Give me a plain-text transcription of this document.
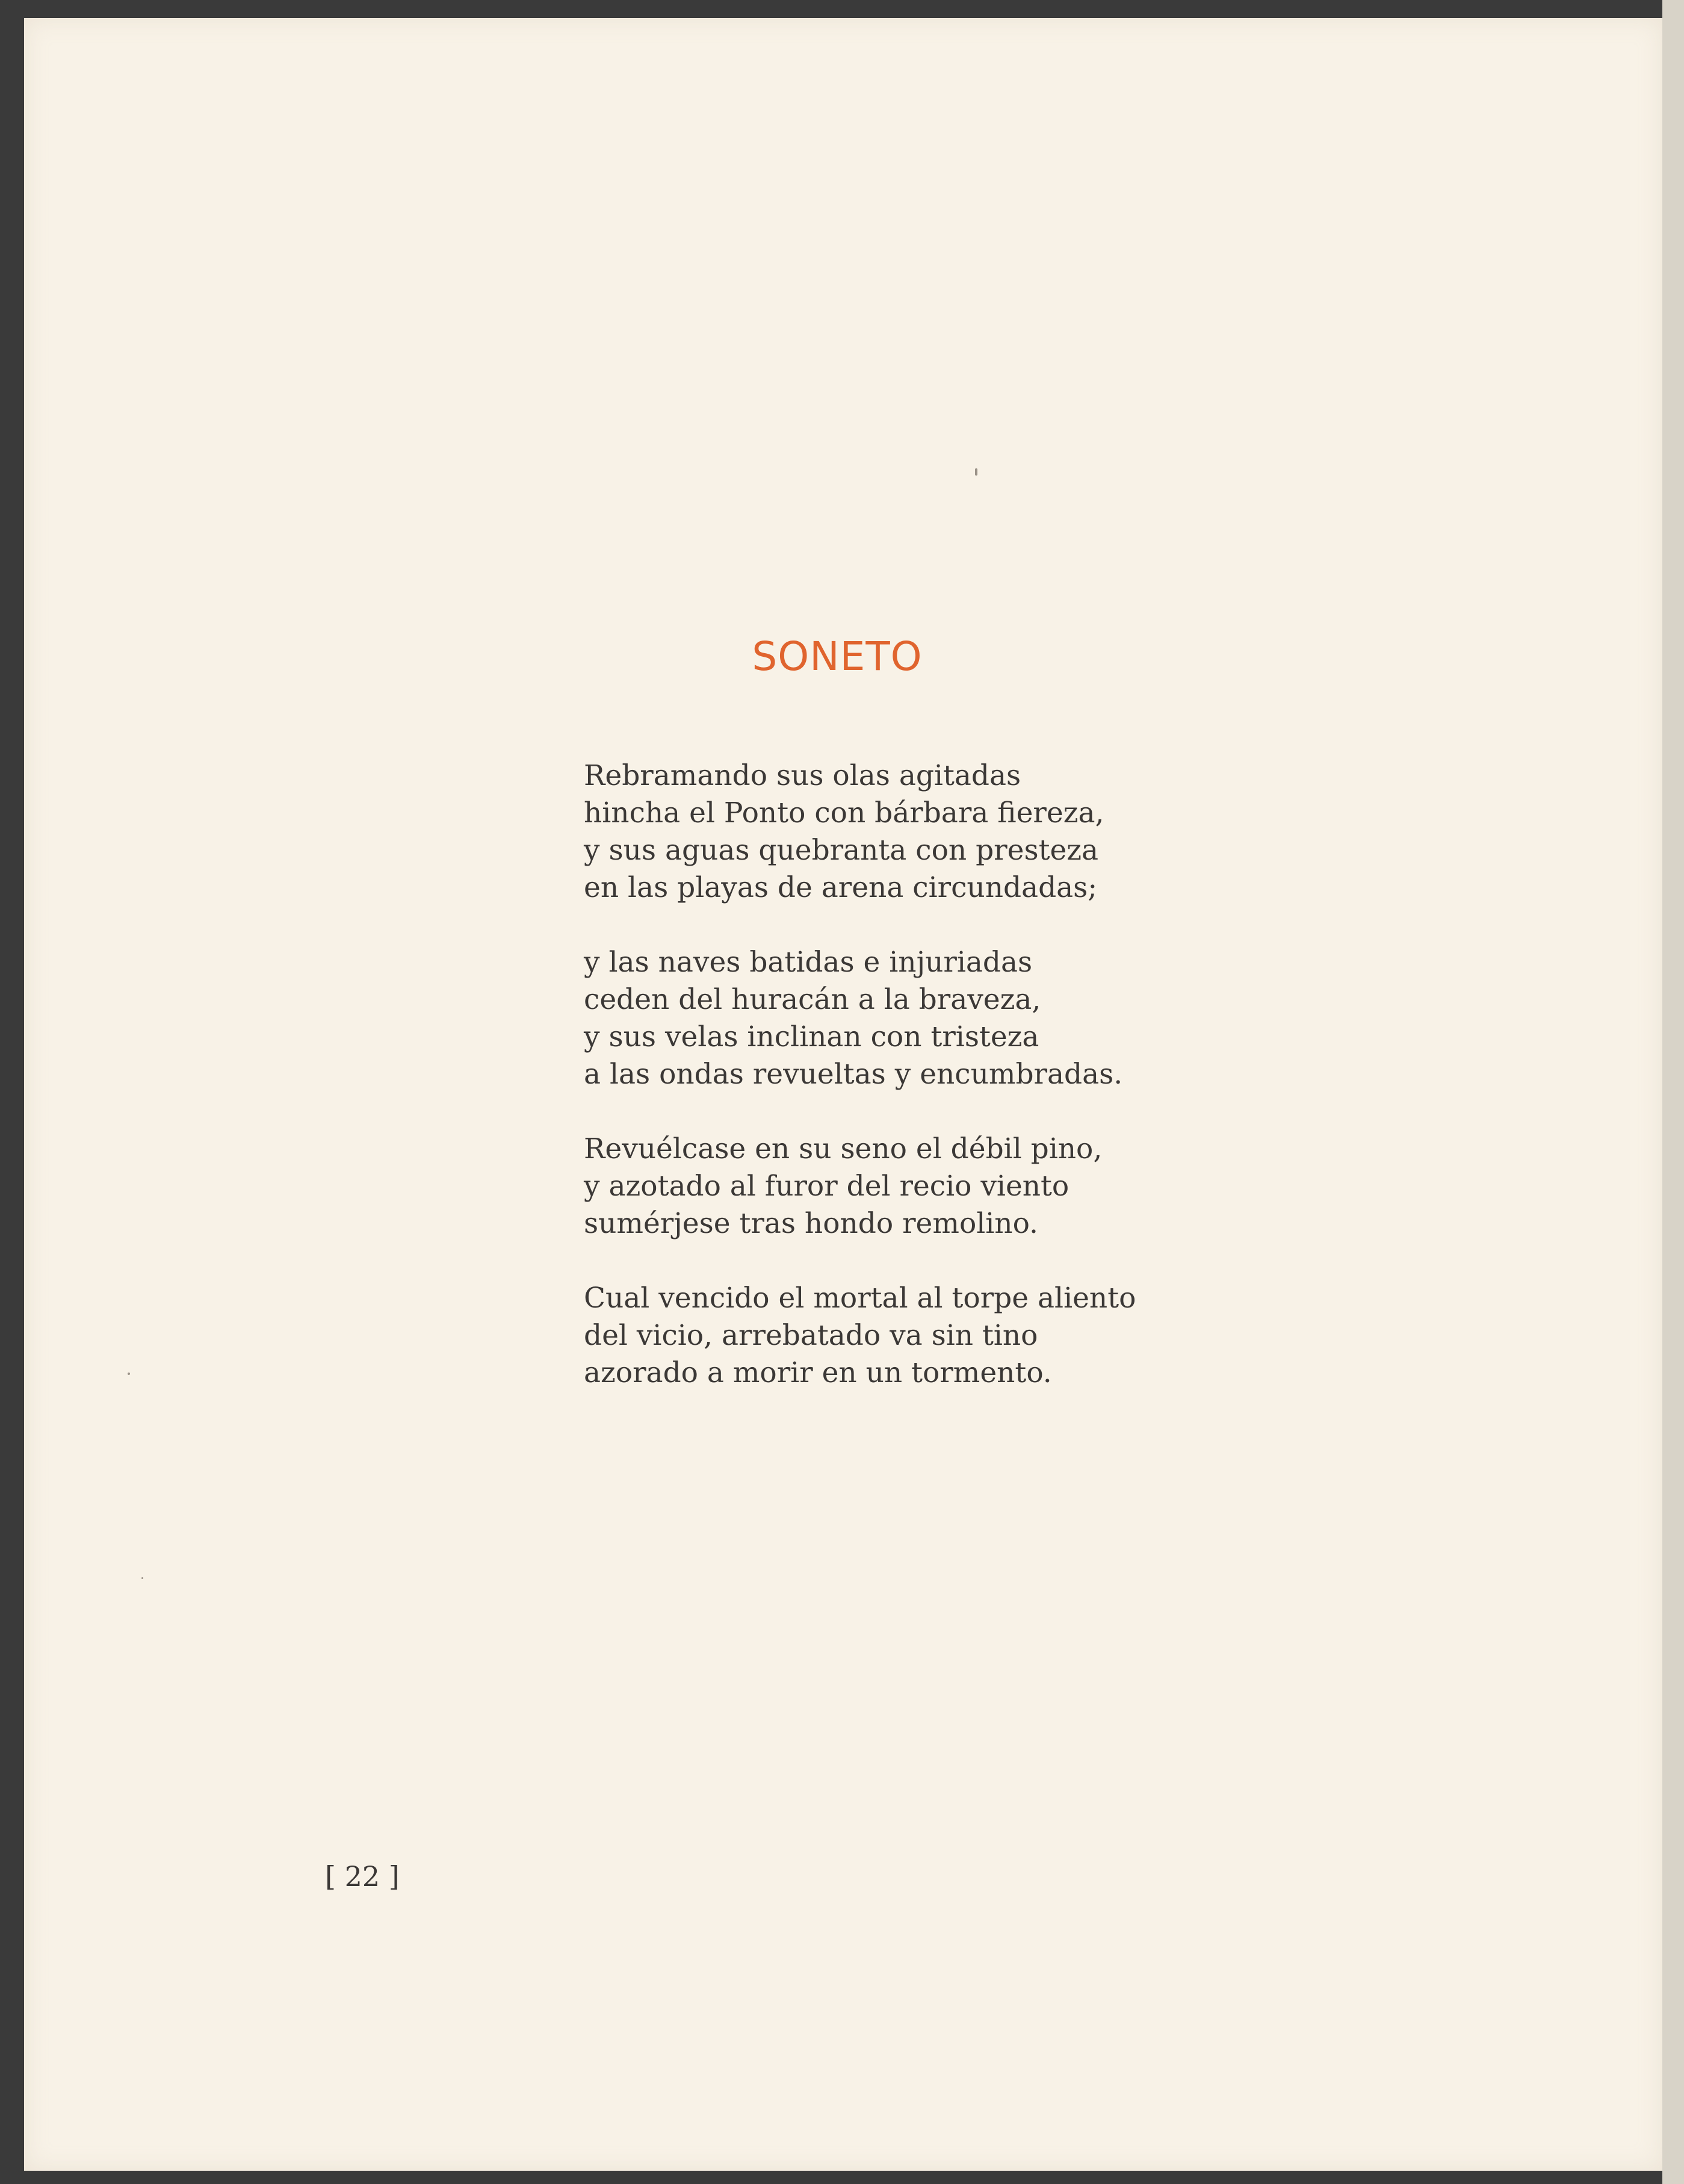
SONETO
Rebramando sus olas agitadas
hincha el Ponto con bárbara fiereza,
y sus aguas quebranta con presteza
en las playas de arena circundadas;
y las naves batidas e injuriadas
ceden del huracán a la braveza,
y sus velas inclinan con tristeza
a las ondas revueltas y encumbradas.
Revuélcase en su seno el débil pino,
y azotado al furor del recio viento
sumérjese tras hondo remolino.
Cual vencido el mortal al torpe aliento
del vicio, arrebatado va sin tino
azorado a morir en un tormento.
[ 22 ]
